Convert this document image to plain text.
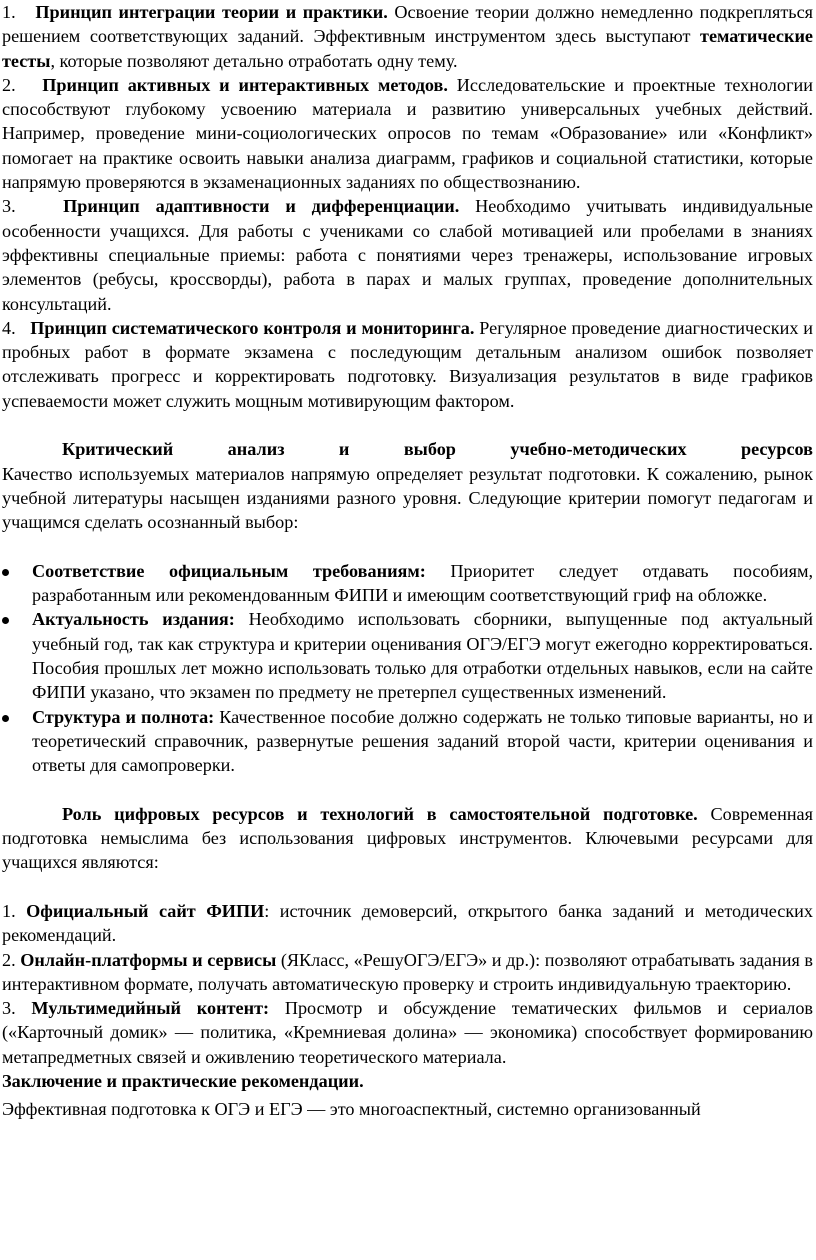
1. Принцип интеграции теории и практики. Освоение теории должно немедленно подкрепляться решением соответствующих заданий. Эффективным инструментом здесь выступают тематические тесты, которые позволяют детально отработать одну тему.

2. Принцип активных и интерактивных методов. Исследовательские и проектные технологии способствуют глубокому усвоению материала и развитию универсальных учебных действий. Например, проведение мини-социологических опросов по темам «Образование» или «Конфликт» помогает на практике освоить навыки анализа диаграмм, графиков и социальной статистики, которые напрямую проверяются в экзаменационных заданиях по обществознанию.

3.	Принцип адаптивности и дифференциации. Необходимо учитывать индивидуальные особенности учащихся. Для работы с учениками со слабой мотивацией или пробелами в знаниях эффективны специальные приемы: работа с понятиями через тренажеры, использование игровых элементов (ребусы, кроссворды), работа в парах и малых группах, проведение дополнительных консультаций.

4. Принцип систематического контроля и мониторинга. Регулярное проведение диагностических и пробных работ в формате экзамена с последующим детальным анализом ошибок позволяет отслеживать прогресс и корректировать подготовку. Визуализация результатов в виде графиков успеваемости может служить мощным мотивирующим фактором.

Критический анализ и выбор учебно-методических ресурсов

Качество используемых материалов напрямую определяет результат подготовки. К сожалению, рынок учебной литературы насыщен изданиями разного уровня. Следующие критерии помогут педагогам и учащимся сделать осознанный выбор:

Соответствие официальным требованиям: Приоритет следует отдавать пособиям, разработанным или рекомендованным ФИПИ и имеющим соответствующий гриф на обложке.

Актуальность издания: Необходимо использовать сборники, выпущенные под актуальный учебный год, так как структура и критерии оценивания ОГЭ/ЕГЭ могут ежегодно корректироваться. Пособия прошлых лет можно использовать только для отработки отдельных навыков, если на сайте ФИПИ указано, что экзамен по предмету не претерпел существенных изменений.

Структура и полнота: Качественное пособие должно содержать не только типовые варианты, но и теоретический справочник, развернутые решения заданий второй части, критерии оценивания и ответы для самопроверки.

Роль цифровых ресурсов и технологий в самостоятельной подготовке. Современная подготовка немыслима без использования цифровых инструментов. Ключевыми ресурсами для учащихся являются:

1. Официальный сайт ФИПИ: источник демоверсий, открытого банка заданий и методических рекомендаций.

2. Онлайн-платформы и сервисы (ЯКласс, «РешуОГЭ/ЕГЭ» и др.): позволяют отрабатывать задания в интерактивном формате, получать автоматическую проверку и строить индивидуальную траекторию.

3. Мультимедийный контент: Просмотр и обсуждение тематических фильмов и сериалов («Карточный домик» — политика, «Кремниевая долина» — экономика) способствует формированию метапредметных связей и оживлению теоретического материала.

Заключение и практические рекомендации.

Эффективная подготовка к ОГЭ и ЕГЭ — это многоаспектный, системно организованный
